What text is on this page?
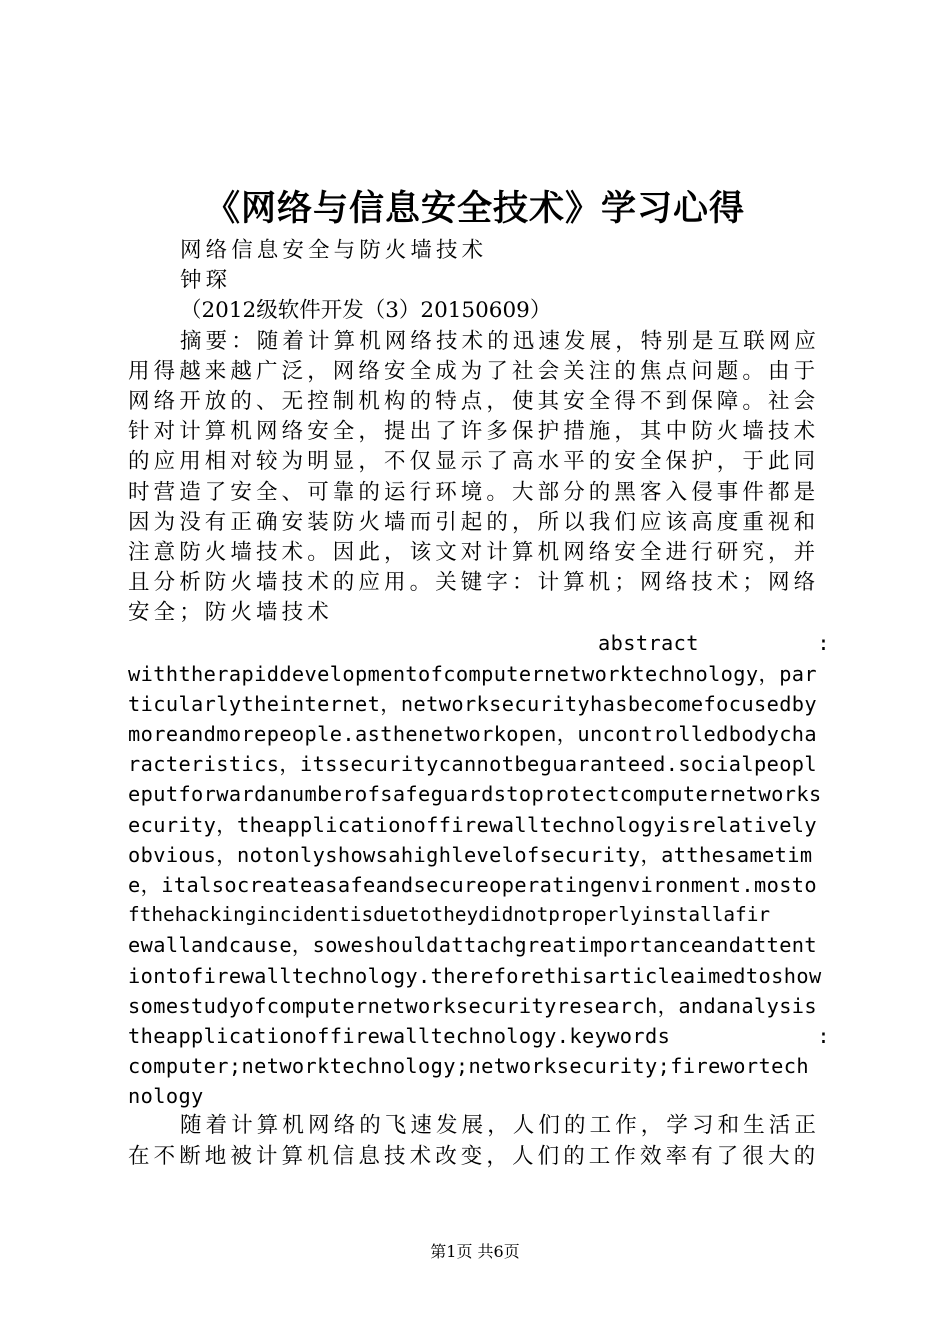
《网络与信息安全技术》学习心得
网络信息安全与防火墙技术
钟琛
（2012级软件开发（3）20150609）
摘要：随着计算机网络技术的迅速发展，特别是互联网应
用得越来越广泛，网络安全成为了社会关注的焦点问题。由于
网络开放的、无控制机构的特点，使其安全得不到保障。社会
针对计算机网络安全，提出了许多保护措施，其中防火墙技术
的应用相对较为明显，不仅显示了高水平的安全保护，于此同
时营造了安全、可靠的运行环境。大部分的黑客入侵事件都是
因为没有正确安装防火墙而引起的，所以我们应该高度重视和
注意防火墙技术。因此，该文对计算机网络安全进行研究，并
且分析防火墙技术的应用。关键字：计算机；网络技术；网络
安全；防火墙技术
abstract	:
withtherapiddevelopmentofcomputernetworktechnology，par
ticularlytheinternet，networksecurityhasbecomefocusedby
moreandmorepeople.asthenetworkopen，uncontrolledbodycha
racteristics，itssecuritycannotbeguaranteed.socialpeopl
eputforwardanumberofsafeguardstoprotectcomputernetworks
ecurity，theapplicationoffirewalltechnologyisrelatively
obvious，notonlyshowsahighlevelofsecurity，atthesametim
e，italsocreateasafeandsecureoperatingenvironment.mosto
fthehackingincidentisduetotheydidnotproperlyinstallafir
ewallandcause，soweshouldattachgreatimportanceandattent
iontofirewalltechnology.thereforethisarticleaimedtoshow
somestudyofcomputernetworksecurityresearch，andanalysis
theapplicationoffirewalltechnology.keywords	:
computer;networktechnology;networksecurity;firewortech
nology
随着计算机网络的飞速发展，人们的工作，学习和生活正
在不断地被计算机信息技术改变，人们的工作效率有了很大的
第1页 共6页
